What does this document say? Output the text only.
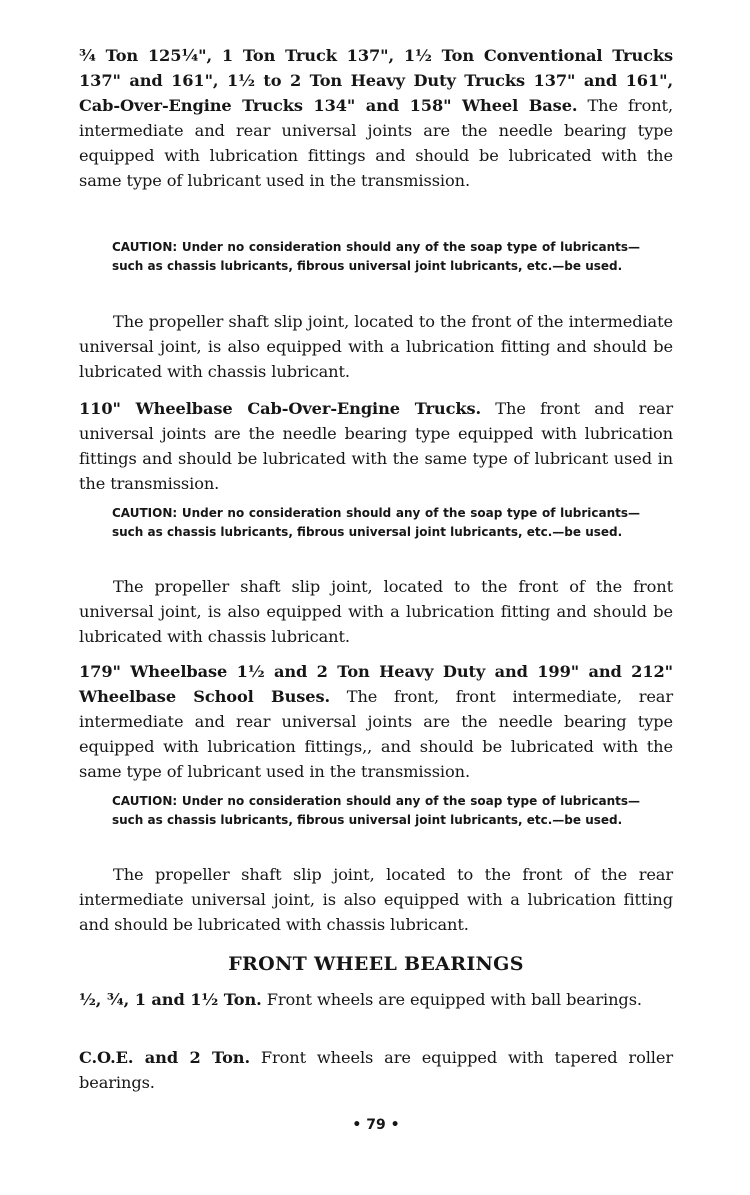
¾ Ton 125¼", 1 Ton Truck 137", 1½ Ton Conventional Trucks 137" and 161", 1½ to 2 Ton Heavy Duty Trucks 137" and 161", Cab-Over-Engine Trucks 134" and 158" Wheel Base. The front, intermediate and rear universal joints are the needle bearing type equipped with lubrication fittings and should be lubricated with the same type of lubricant used in the transmission.

CAUTION: Under no consideration should any of the soap type of lubricants—such as chassis lubricants, fibrous universal joint lubricants, etc.—be used.

The propeller shaft slip joint, located to the front of the intermediate universal joint, is also equipped with a lubrication fitting and should be lubricated with chassis lubricant.

110" Wheelbase Cab-Over-Engine Trucks. The front and rear universal joints are the needle bearing type equipped with lubrication fittings and should be lubricated with the same type of lubricant used in the transmission.

CAUTION: Under no consideration should any of the soap type of lubricants—such as chassis lubricants, fibrous universal joint lubricants, etc.—be used.

The propeller shaft slip joint, located to the front of the front universal joint, is also equipped with a lubrication fitting and should be lubricated with chassis lubricant.

179" Wheelbase 1½ and 2 Ton Heavy Duty and 199" and 212" Wheelbase School Buses. The front, front intermediate, rear intermediate and rear universal joints are the needle bearing type equipped with lubrication fittings,, and should be lubricated with the same type of lubricant used in the transmission.

CAUTION: Under no consideration should any of the soap type of lubricants—such as chassis lubricants, fibrous universal joint lubricants, etc.—be used.

The propeller shaft slip joint, located to the front of the rear intermediate universal joint, is also equipped with a lubrication fitting and should be lubricated with chassis lubricant.

FRONT WHEEL BEARINGS

½, ¾, 1 and 1½ Ton. Front wheels are equipped with ball bearings.

C.O.E. and 2 Ton. Front wheels are equipped with tapered roller bearings.

• 79 •
